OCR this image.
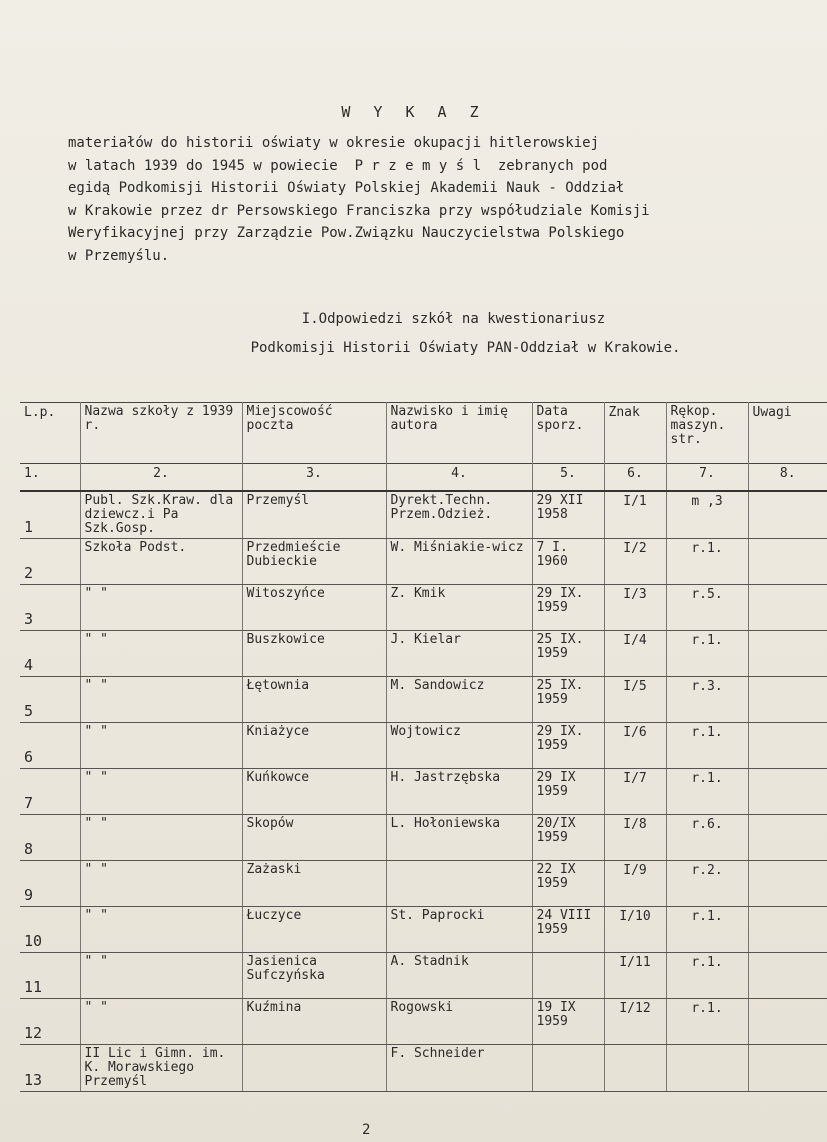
W Y K A Z

materiałów do historii oświaty w okresie okupacji hitlerowskiej
w latach 1939 do 1945 w powiecie  P r z e m y ś l  zebranych pod
egidą Podkomisji Historii Oświaty Polskiej Akademii Nauk - Oddział
w Krakowie przez dr Persowskiego Franciszka przy współudziale Komisji
Weryfikacyjnej przy Zarządzie Pow.Związku Nauczycielstwa Polskiego
w Przemyślu.

I.Odpowiedzi szkół na kwestionariusz
Podkomisji Historii Oświaty PAN-Oddział w Krakowie.
L.p.	Nazwa szkoły z 1939 r.	Miejscowość poczta	Nazwisko i imię autora	Data sporz.	Znak	Rękop. maszyn. str.	Uwagi
1.	2.	3.	4.	5.	6.	7.	8.
1	Publ. Szk.Kraw. dla dziewcz.i Pa Szk.Gosp.	Przemyśl	Dyrekt.Techn. Przem.Odzież.	29 XII 1958	I/1	m ,3	
2	Szkoła Podst.	Przedmieście Dubieckie	W. Miśniakie-wicz	7 I. 1960	I/2	r.1.	
3	" "	Witoszyńce	Z. Kmik	29 IX. 1959	I/3	r.5.	
4	" "	Buszkowice	J. Kielar	25 IX. 1959	I/4	r.1.	
5	" "	Łętownia	M. Sandowicz	25 IX. 1959	I/5	r.3.	
6	" "	Kniażyce	Wojtowicz	29 IX. 1959	I/6	r.1.	
7	" "	Kuńkowce	H. Jastrzębska	29 IX 1959	I/7	r.1.	
8	" "	Skopów	L. Hołoniewska	20/IX 1959	I/8	r.6.	
9	" "	Zażaski		22 IX 1959	I/9	r.2.	
10	" "	Łuczyce	St. Paprocki	24 VIII 1959	I/10	r.1.	
11	" "	Jasienica Sufczyńska	A. Stadnik		I/11	r.1.	
12	" "	Kuźmina	Rogowski	19 IX 1959	I/12	r.1.	
13	II Lic i Gimn. im. K. Morawskiego Przemyśl		F. Schneider				
2
